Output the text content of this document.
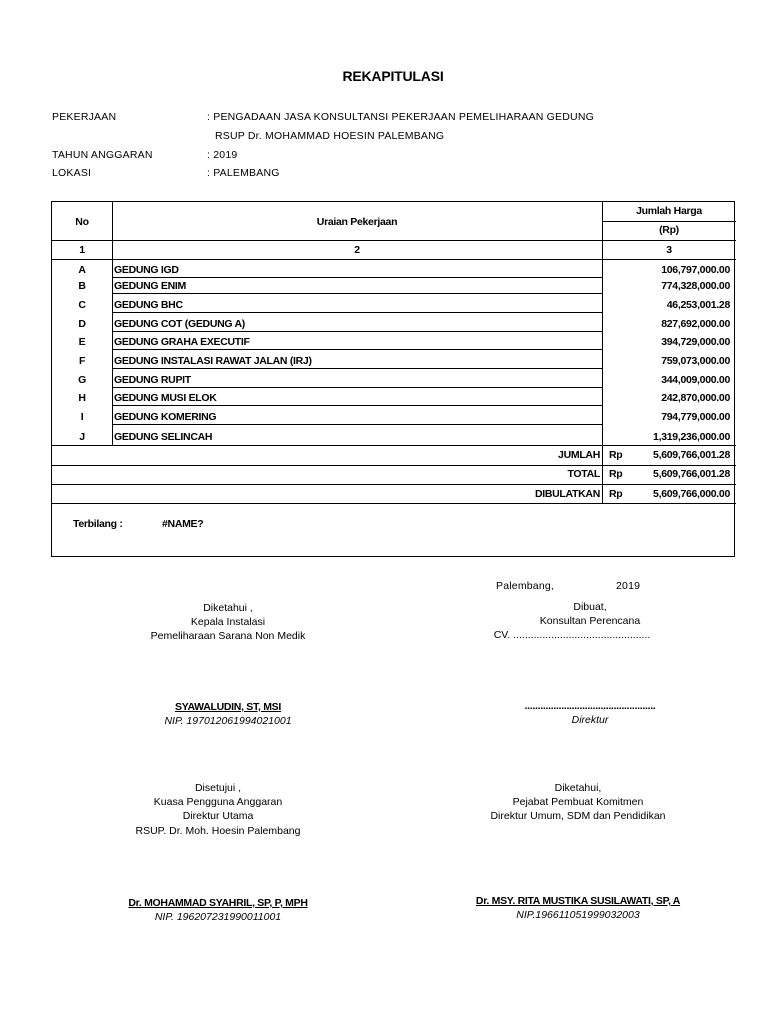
REKAPITULASI
PEKERJAAN	: PENGADAAN JASA KONSULTANSI PEKERJAAN PEMELIHARAAN GEDUNG
RSUP Dr. MOHAMMAD HOESIN PALEMBANG
TAHUN ANGGARAN	: 2019
LOKASI	: PALEMBANG
No	Uraian Pekerjaan
Jumlah Harga
(Rp)
1	2	3
A	GEDUNG IGD	106,797,000.00
B	GEDUNG ENIM	774,328,000.00
C	GEDUNG BHC	46,253,001.28
D	GEDUNG COT (GEDUNG A)	827,692,000.00
E	GEDUNG GRAHA EXECUTIF	394,729,000.00
F	GEDUNG INSTALASI RAWAT JALAN (IRJ)	759,073,000.00
G	GEDUNG RUPIT	344,009,000.00
H	GEDUNG MUSI ELOK	242,870,000.00
I	GEDUNG KOMERING	794,779,000.00
J	GEDUNG SELINCAH	1,319,236,000.00
JUMLAH Rp	5,609,766,001.28
TOTAL Rp	5,609,766,001.28
DIBULATKAN Rp	5,609,766,000.00
Terbilang :	#NAME?
Palembang,	2019
Diketahui ,
Kepala Instalasi
Pemeliharaan Sarana Non Medik
SYAWALUDIN, ST, MSI
NIP. 197012061994021001
Dibuat,
Konsultan Perencana
CV. ...............................................
..................................................
Direktur
Disetujui ,
Kuasa Pengguna Anggaran
Direktur Utama
RSUP. Dr. Moh. Hoesin Palembang
Dr. MOHAMMAD SYAHRIL, SP, P, MPH
NIP. 196207231990011001
Diketahui,
Pejabat Pembuat Komitmen
Direktur Umum, SDM dan Pendidikan
Dr. MSY. RITA MUSTIKA SUSILAWATI, SP, A
NIP.196611051999032003
